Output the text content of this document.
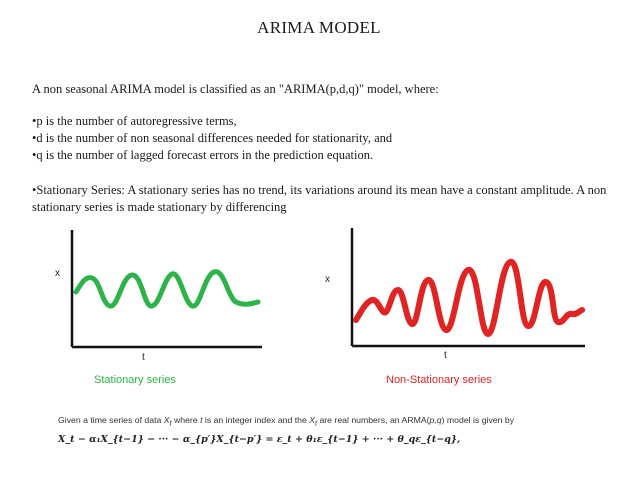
ARIMA MODEL
A non seasonal ARIMA model is classified as an "ARIMA(p,d,q)" model, where:
•p is the number of autoregressive terms,
•d is the number of non seasonal differences needed for stationarity, and
•q is the number of lagged forecast errors in the prediction equation.
•Stationary Series: A stationary series has no trend, its variations around its mean have a constant amplitude. A non stationary series is made stationary by differencing
x
t
x
t
Stationary series	Non-Stationary series
Given a time series of data $X_t$ where t is an integer index and the $X_t$ are real numbers, an ARMA(p,q) model is given by
X_t − α₁X_{t−1} − ··· − α_{p′}X_{t−p′} = ε_t + θ₁ε_{t−1} + ··· + θ_qε_{t−q},
